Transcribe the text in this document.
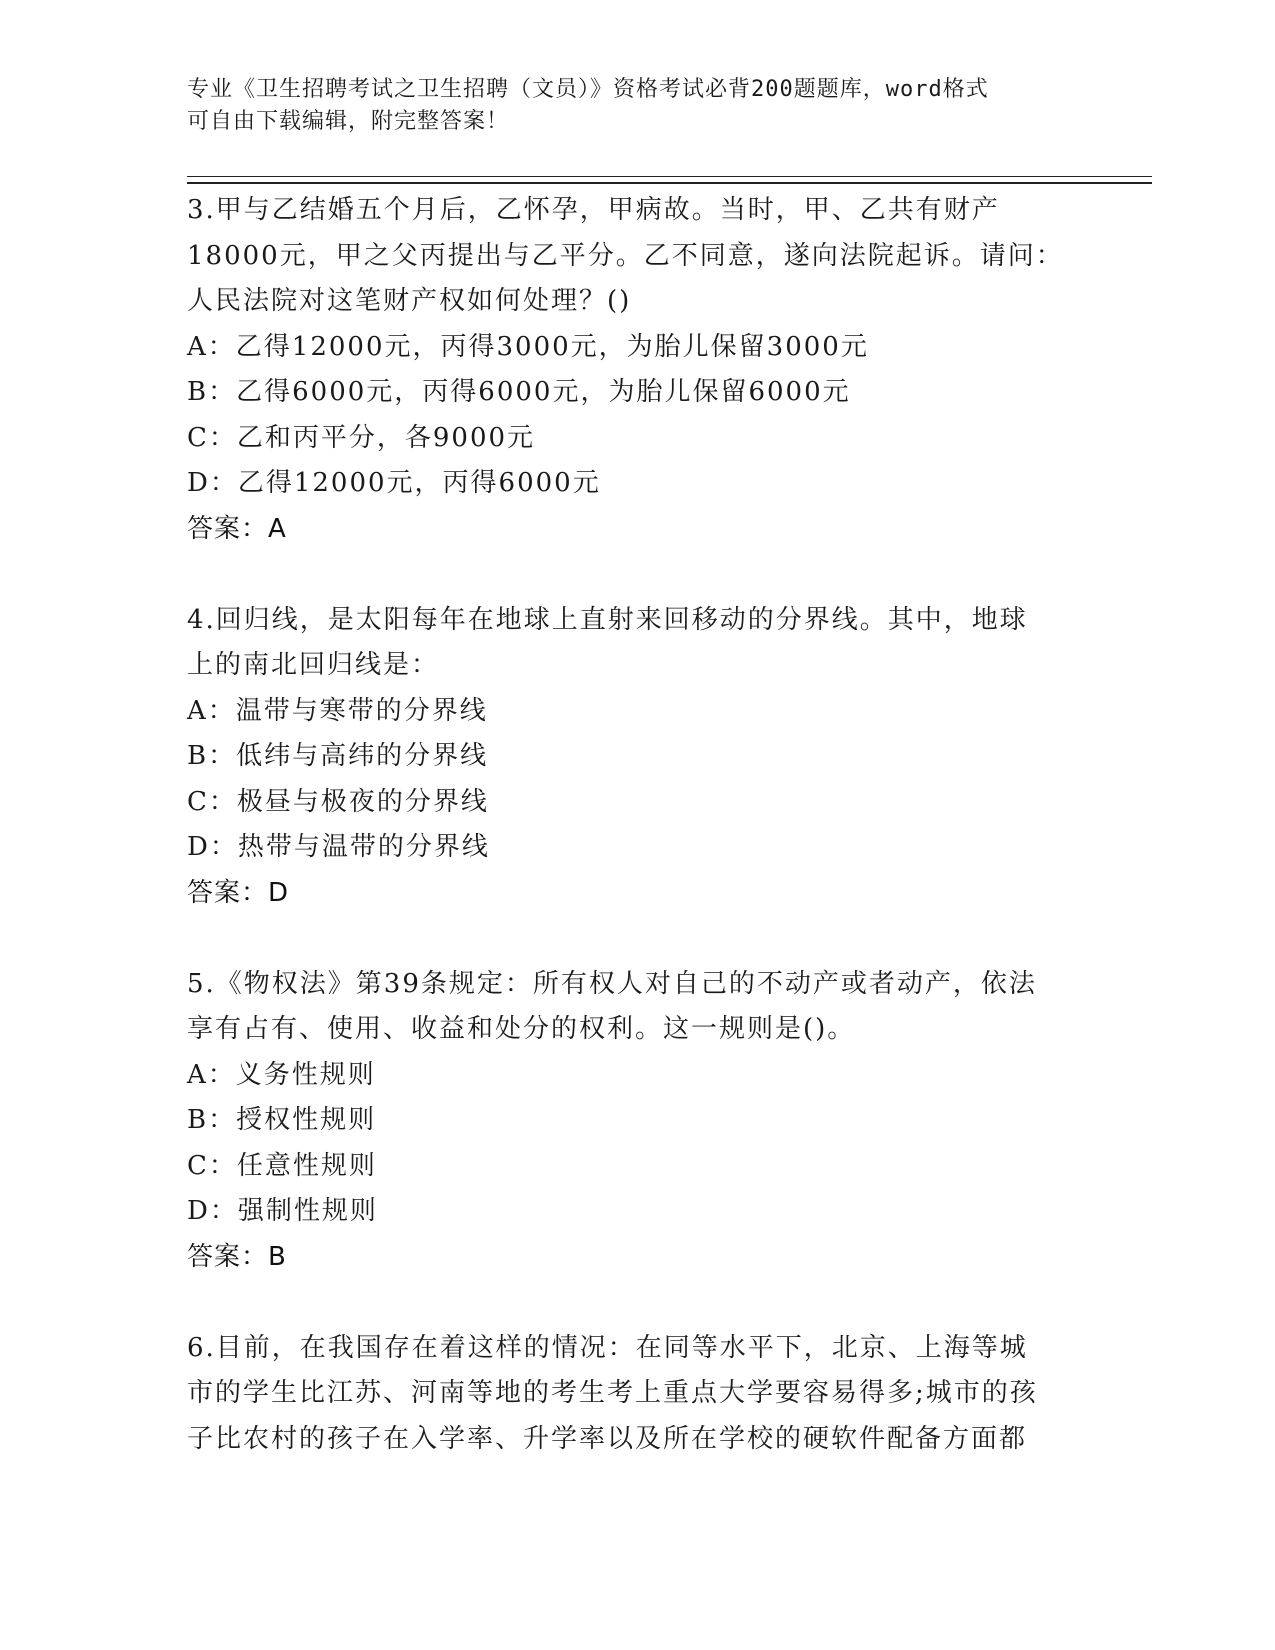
专业《卫生招聘考试之卫生招聘（文员）》资格考试必背200题题库，word格式
可自由下载编辑，附完整答案！
3.甲与乙结婚五个月后，乙怀孕，甲病故。当时，甲、乙共有财产
18000元，甲之父丙提出与乙平分。乙不同意，遂向法院起诉。请问：
人民法院对这笔财产权如何处理？()
A：乙得12000元，丙得3000元，为胎儿保留3000元
B：乙得6000元，丙得6000元，为胎儿保留6000元
C：乙和丙平分，各9000元
D：乙得12000元，丙得6000元
答案：A
4.回归线，是太阳每年在地球上直射来回移动的分界线。其中，地球
上的南北回归线是：
A：温带与寒带的分界线
B：低纬与高纬的分界线
C：极昼与极夜的分界线
D：热带与温带的分界线
答案：D
5.《物权法》第39条规定：所有权人对自己的不动产或者动产，依法
享有占有、使用、收益和处分的权利。这一规则是()。
A：义务性规则
B：授权性规则
C：任意性规则
D：强制性规则
答案：B
6.目前，在我国存在着这样的情况：在同等水平下，北京、上海等城
市的学生比江苏、河南等地的考生考上重点大学要容易得多;城市的孩
子比农村的孩子在入学率、升学率以及所在学校的硬软件配备方面都
